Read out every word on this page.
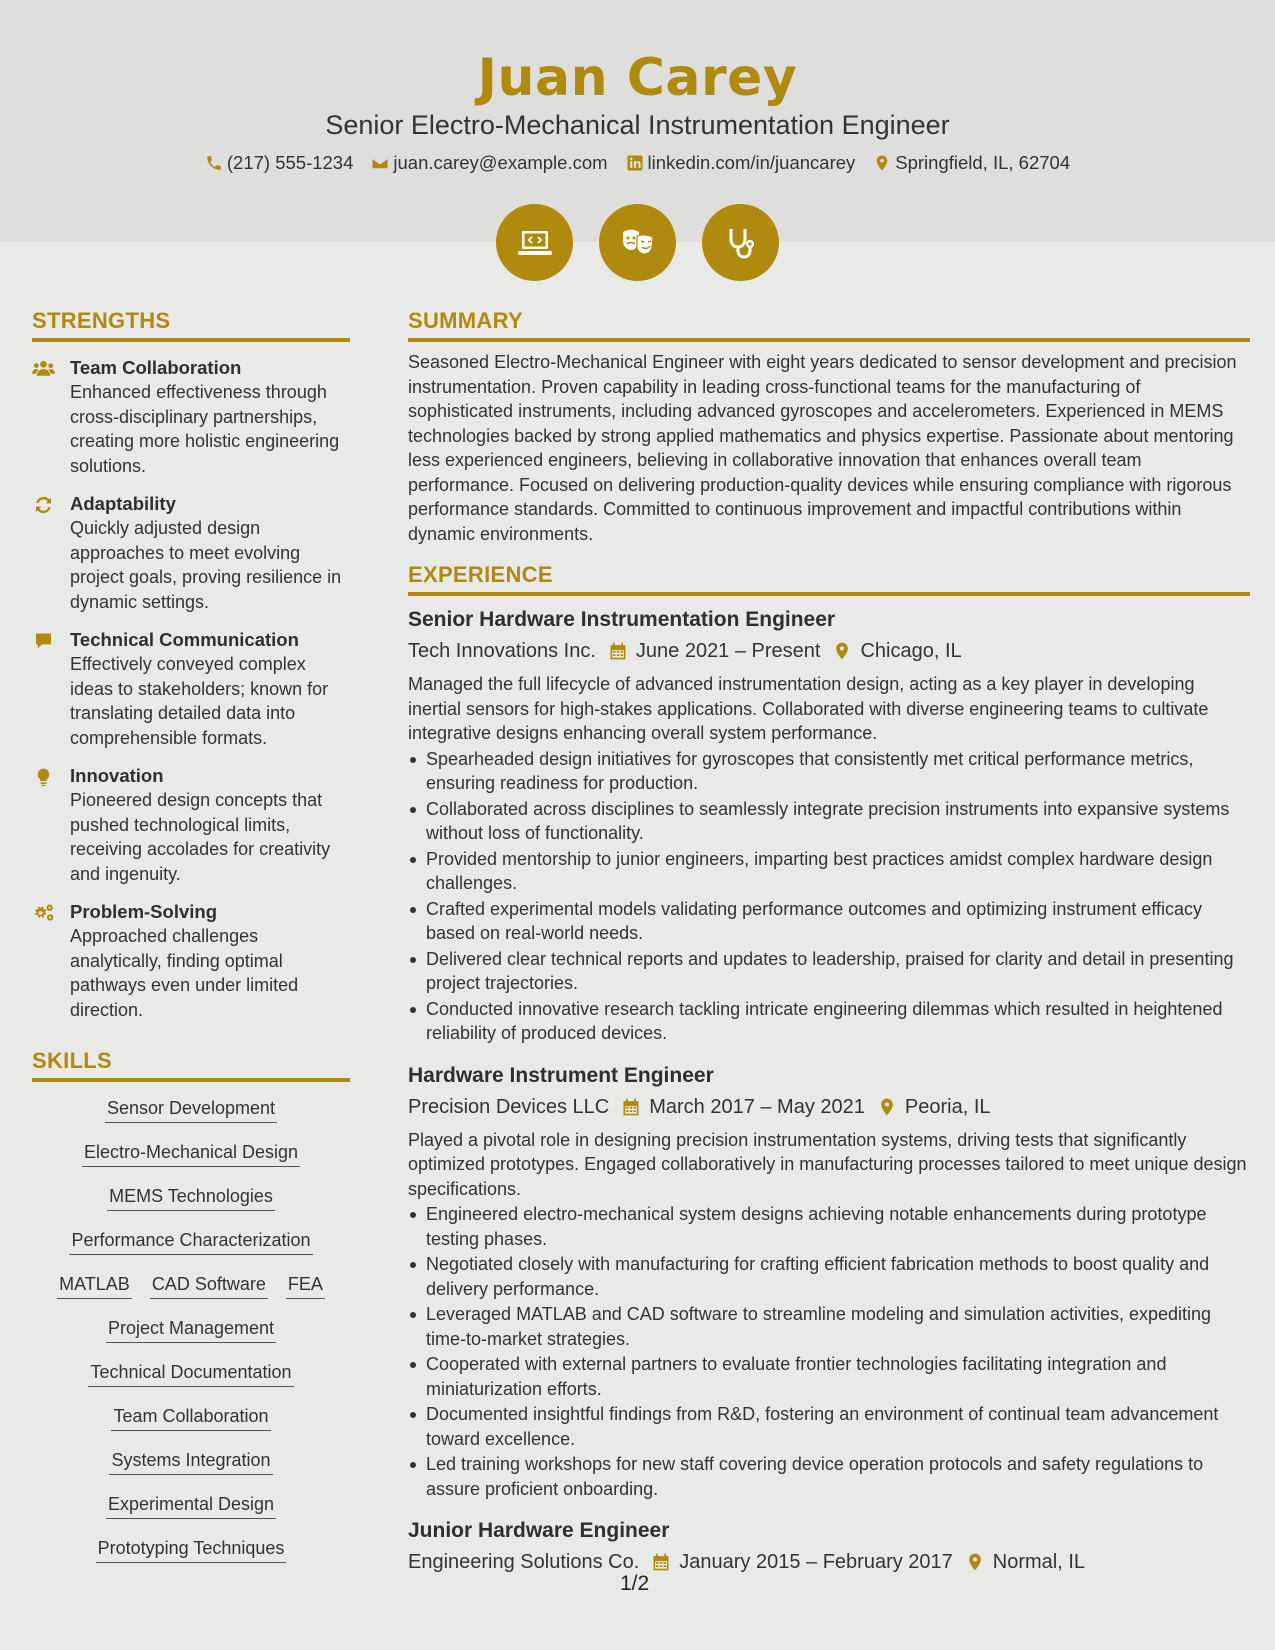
Juan Carey
Senior Electro-Mechanical Instrumentation Engineer
(217) 555-1234 juan.carey@example.com linkedin.com/in/juancarey Springfield, IL, 62704
STRENGTHS
Team Collaboration
Enhanced effectiveness through cross-disciplinary partnerships, creating more holistic engineering solutions.
Adaptability
Quickly adjusted design approaches to meet evolving project goals, proving resilience in dynamic settings.
Technical Communication
Effectively conveyed complex ideas to stakeholders; known for translating detailed data into comprehensible formats.
Innovation
Pioneered design concepts that pushed technological limits, receiving accolades for creativity and ingenuity.
Problem-Solving
Approached challenges analytically, finding optimal pathways even under limited direction.
SKILLS
Sensor Development
Electro-Mechanical Design
MEMS Technologies
Performance Characterization
MATLAB CAD Software FEA
Project Management
Technical Documentation
Team Collaboration
Systems Integration
Experimental Design
Prototyping Techniques
SUMMARY
Seasoned Electro-Mechanical Engineer with eight years dedicated to sensor development and precision instrumentation. Proven capability in leading cross-functional teams for the manufacturing of sophisticated instruments, including advanced gyroscopes and accelerometers. Experienced in MEMS technologies backed by strong applied mathematics and physics expertise. Passionate about mentoring less experienced engineers, believing in collaborative innovation that enhances overall team performance. Focused on delivering production-quality devices while ensuring compliance with rigorous performance standards. Committed to continuous improvement and impactful contributions within dynamic environments.
EXPERIENCE
Senior Hardware Instrumentation Engineer
Tech Innovations Inc. June 2021 – Present Chicago, IL
Managed the full lifecycle of advanced instrumentation design, acting as a key player in developing inertial sensors for high-stakes applications. Collaborated with diverse engineering teams to cultivate integrative designs enhancing overall system performance.
Spearheaded design initiatives for gyroscopes that consistently met critical performance metrics, ensuring readiness for production.
Collaborated across disciplines to seamlessly integrate precision instruments into expansive systems without loss of functionality.
Provided mentorship to junior engineers, imparting best practices amidst complex hardware design challenges.
Crafted experimental models validating performance outcomes and optimizing instrument efficacy based on real-world needs.
Delivered clear technical reports and updates to leadership, praised for clarity and detail in presenting project trajectories.
Conducted innovative research tackling intricate engineering dilemmas which resulted in heightened reliability of produced devices.
Hardware Instrument Engineer
Precision Devices LLC March 2017 – May 2021 Peoria, IL
Played a pivotal role in designing precision instrumentation systems, driving tests that significantly optimized prototypes. Engaged collaboratively in manufacturing processes tailored to meet unique design specifications.
Engineered electro-mechanical system designs achieving notable enhancements during prototype testing phases.
Negotiated closely with manufacturing for crafting efficient fabrication methods to boost quality and delivery performance.
Leveraged MATLAB and CAD software to streamline modeling and simulation activities, expediting time-to-market strategies.
Cooperated with external partners to evaluate frontier technologies facilitating integration and miniaturization efforts.
Documented insightful findings from R&D, fostering an environment of continual team advancement toward excellence.
Led training workshops for new staff covering device operation protocols and safety regulations to assure proficient onboarding.
Junior Hardware Engineer
Engineering Solutions Co. January 2015 – February 2017 Normal, IL
1/2
